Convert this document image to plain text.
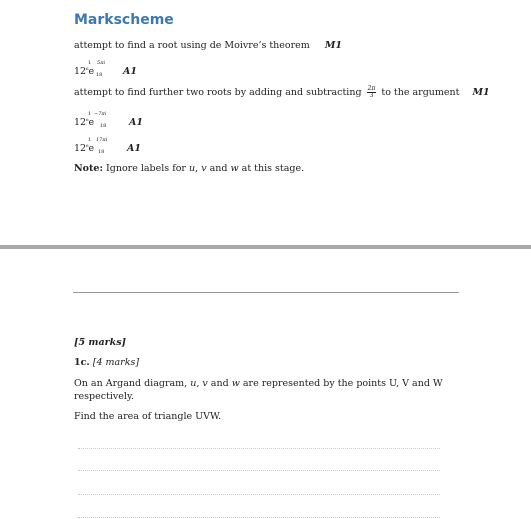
Markscheme
attempt to find a root using de Moivre’s theorem M1
$12^{^6}e$
1 5πi
18 A1
attempt to find further two roots by adding and subtracting $\frac{2\pi}{3}$ to the argument M1
$12^{^6}e$
1 −7πi
18 A1
$12^{^6}e$
1 17πi
18 A1
Note: Ignore labels for u, v and w at this stage.
[5 marks]
1c. [4 marks]
On an Argand diagram, u, v and w are represented by the points U, V and W
respectively.
Find the area of triangle UVW.
